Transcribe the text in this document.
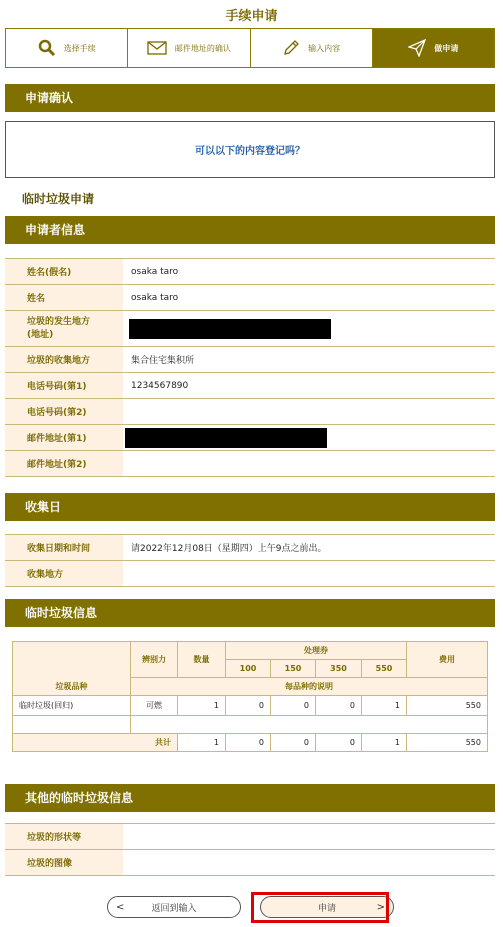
手续申请
选择手续	邮件地址的确认	输入内容	做申请
申请确认
可以以下的内容登记吗？
临时垃圾申请
申请者信息
姓名(假名)	osaka taro
姓名	osaka taro
垃圾的发生地方
(地址)	
垃圾的收集地方	集合住宅集积所
电话号码(第1)	1234567890
电话号码(第2)	
邮件地址(第1)	
邮件地址(第2)	
收集日
收集日期和时间	请2022年12月08日（星期四）上午9点之前出。
收集地方	
临时垃圾信息
垃圾品种	辨别力	数量	处理券				费用
			100	150	350	550	
	每品种的说明						
临时垃圾(回归)	可燃	1	0	0	0	1	550

共计		1	0	0	0	1	550
其他的临时垃圾信息
垃圾的形状等	
垃圾的图像	
<	返回到输入	申请	>
